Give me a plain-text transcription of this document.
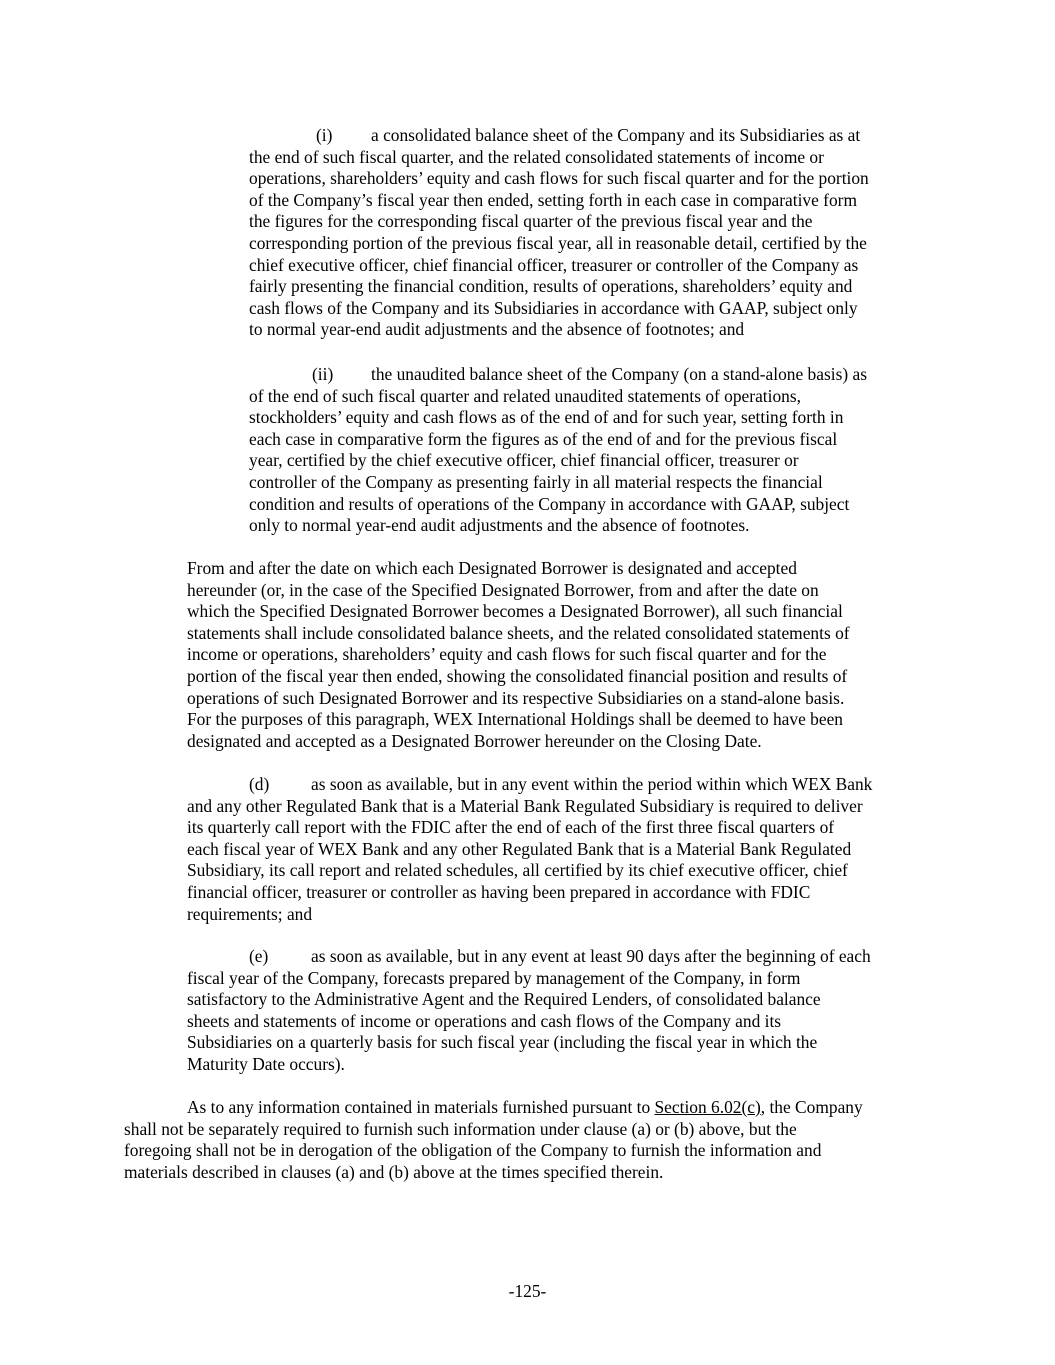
(i) a consolidated balance sheet of the Company and its Subsidiaries as at
the end of such fiscal quarter, and the related consolidated statements of income or
operations, shareholders’ equity and cash flows for such fiscal quarter and for the portion
of the Company’s fiscal year then ended, setting forth in each case in comparative form
the figures for the corresponding fiscal quarter of the previous fiscal year and the
corresponding portion of the previous fiscal year, all in reasonable detail, certified by the
chief executive officer, chief financial officer, treasurer or controller of the Company as
fairly presenting the financial condition, results of operations, shareholders’ equity and
cash flows of the Company and its Subsidiaries in accordance with GAAP, subject only
to normal year-end audit adjustments and the absence of footnotes; and
(ii) the unaudited balance sheet of the Company (on a stand-alone basis) as
of the end of such fiscal quarter and related unaudited statements of operations,
stockholders’ equity and cash flows as of the end of and for such year, setting forth in
each case in comparative form the figures as of the end of and for the previous fiscal
year, certified by the chief executive officer, chief financial officer, treasurer or
controller of the Company as presenting fairly in all material respects the financial
condition and results of operations of the Company in accordance with GAAP, subject
only to normal year-end audit adjustments and the absence of footnotes.
From and after the date on which each Designated Borrower is designated and accepted
hereunder (or, in the case of the Specified Designated Borrower, from and after the date on
which the Specified Designated Borrower becomes a Designated Borrower), all such financial
statements shall include consolidated balance sheets, and the related consolidated statements of
income or operations, shareholders’ equity and cash flows for such fiscal quarter and for the
portion of the fiscal year then ended, showing the consolidated financial position and results of
operations of such Designated Borrower and its respective Subsidiaries on a stand-alone basis.
For the purposes of this paragraph, WEX International Holdings shall be deemed to have been
designated and accepted as a Designated Borrower hereunder on the Closing Date.
(d) as soon as available, but in any event within the period within which WEX Bank
and any other Regulated Bank that is a Material Bank Regulated Subsidiary is required to deliver
its quarterly call report with the FDIC after the end of each of the first three fiscal quarters of
each fiscal year of WEX Bank and any other Regulated Bank that is a Material Bank Regulated
Subsidiary, its call report and related schedules, all certified by its chief executive officer, chief
financial officer, treasurer or controller as having been prepared in accordance with FDIC
requirements; and
(e) as soon as available, but in any event at least 90 days after the beginning of each
fiscal year of the Company, forecasts prepared by management of the Company, in form
satisfactory to the Administrative Agent and the Required Lenders, of consolidated balance
sheets and statements of income or operations and cash flows of the Company and its
Subsidiaries on a quarterly basis for such fiscal year (including the fiscal year in which the
Maturity Date occurs).
As to any information contained in materials furnished pursuant to Section 6.02(c), the Company
shall not be separately required to furnish such information under clause (a) or (b) above, but the
foregoing shall not be in derogation of the obligation of the Company to furnish the information and
materials described in clauses (a) and (b) above at the times specified therein.
-125-
